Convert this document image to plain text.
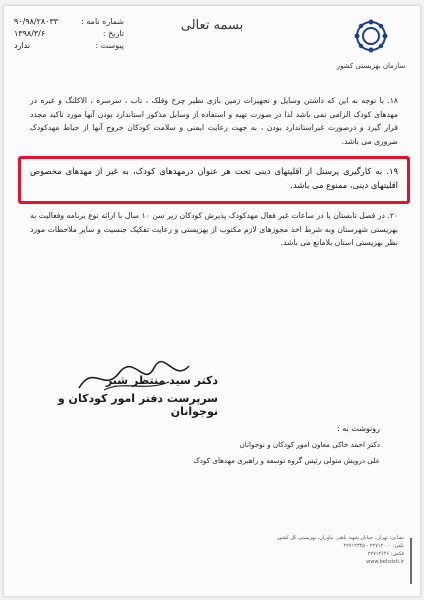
سازمان بهزیستی کشور
بسمه تعالی
شماره نامه :
۹۰/۹۸/۲۸۰۳۳
تاریخ :
۱۳۹۸/۳/۶
پیوست :
ندارد
۱۸. با توجه به این که داشتن وسایل و تجهیزات زمین بازی نظیر چرخ وفلک ، تاب ، سرسره ، الاکلنگ و غیره در مهدهای کودک الزامی نمی باشد لذا در صورت تهیه و استفاده از وسایل مذکور استاندارد بودن آنها مورد تاکید مجدد قرار گیرد و درصورت غیراستاندارد بودن ، به جهت رعایت ایمنی و سلامت کودکان خروج آنها از حیاط مهدکودک ضروری می باشد.
۱۹. به کارگیری پرسنل از اقلیتهای دینی تحت هر عنوان درمهدهای کودک، به غیر از مهدهای مخصوص اقلیتهای دینی، ممنوع می باشد.
۲۰. در فصل تابستان یا در ساعات غیر فعال مهدکودک پذیرش کودکان زیر سن ۱۰ سال با ارائه نوع برنامه وفعالیت به بهزیستی شهرستان وبه شرط اخذ مجوزهای لازم مکتوب از بهزیستی و رعایت تفکیک جنسیت و سایر ملاحظات مورد نظر بهزیستی استان بلامانع می باشد.
دکتر سید منتظر شبر
سرپرست دفتر امور کودکان و نوجوانان
رونوشت به :
دکتر احمد خاکی معاون امور کودکان و نوجوانان
علی درویش متولی رئیس گروه توسعه و راهبری مهدهای کودک
نشانی: تهران، خیابان شهید باهنر، نیاوران، بهزیستی کل کشور
تلفن: ۲۲۷۱۲۰۰۰ - ۲۲۷۱۲۳۴۵
فکس: ۲۲۷۱۴۶۴۶
www.behzisti.ir
